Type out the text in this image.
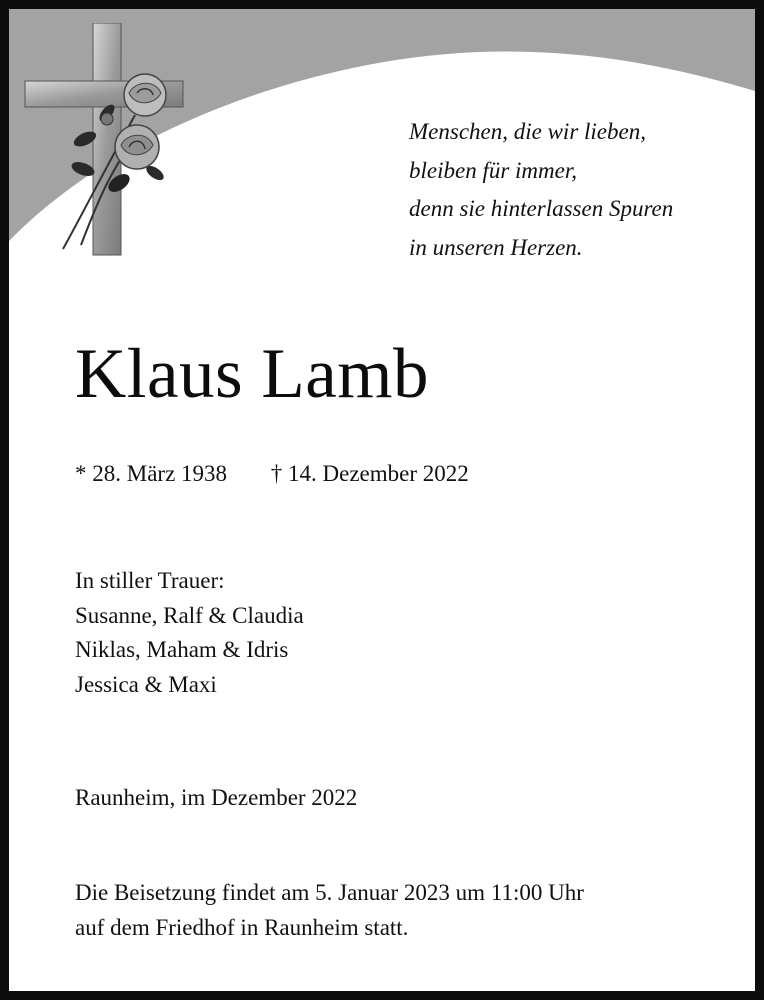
Menschen, die wir lieben,
bleiben für immer,
denn sie hinterlassen Spuren
in unseren Herzen.
Klaus Lamb
* 28. März 1938 † 14. Dezember 2022
In stiller Trauer:
Susanne, Ralf & Claudia
Niklas, Maham & Idris
Jessica & Maxi
Raunheim, im Dezember 2022
Die Beisetzung findet am 5. Januar 2023 um 11:00 Uhr
auf dem Friedhof in Raunheim statt.
